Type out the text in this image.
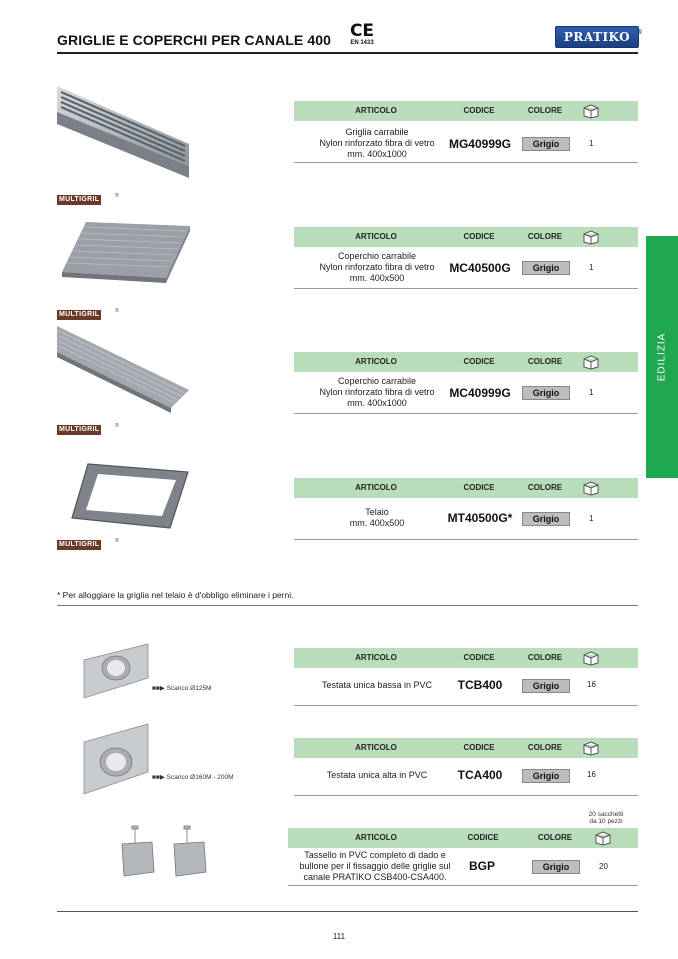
GRIGLIE E COPERCHI PER CANALE 400 CE
EN 1433	PRATIKO ®
EDILIZIA
MULTIGRIL	®
MULTIGRIL	®
MULTIGRIL	®
MULTIGRIL	®
■■▶ Scarico Ø125M
■■▶ Scarico Ø160M - 200M
ARTICOLO	CODICE	COLORE
Griglia carrabile
Nylon rinforzato fibra di vetro
mm. 400x1000
MG40999G	Grigio	1
ARTICOLO	CODICE	COLORE
Coperchio carrabile
Nylon rinforzato fibra di vetro
mm. 400x500
MC40500G	Grigio	1
ARTICOLO	CODICE	COLORE
Coperchio carrabile
Nylon rinforzato fibra di vetro
mm. 400x1000
MC40999G	Grigio	1
ARTICOLO	CODICE	COLORE
Telaio
mm. 400x500	MT40500G*	Grigio	1
* Per alloggiare la griglia nel telaio è d'obbligo eliminare i perni.
ARTICOLO	CODICE	COLORE
Testata unica bassa in PVC	TCB400	Grigio	16
ARTICOLO	CODICE	COLORE
Testata unica alta in PVC	TCA400	Grigio	16
20 sacchetti
da 10 pezzi
ARTICOLO	CODICE	COLORE
Tassello in PVC completo di dado e
bullone per il fissaggio delle griglie sul
canale PRATIKO CSB400-CSA400.
BGP	Grigio	20
111
